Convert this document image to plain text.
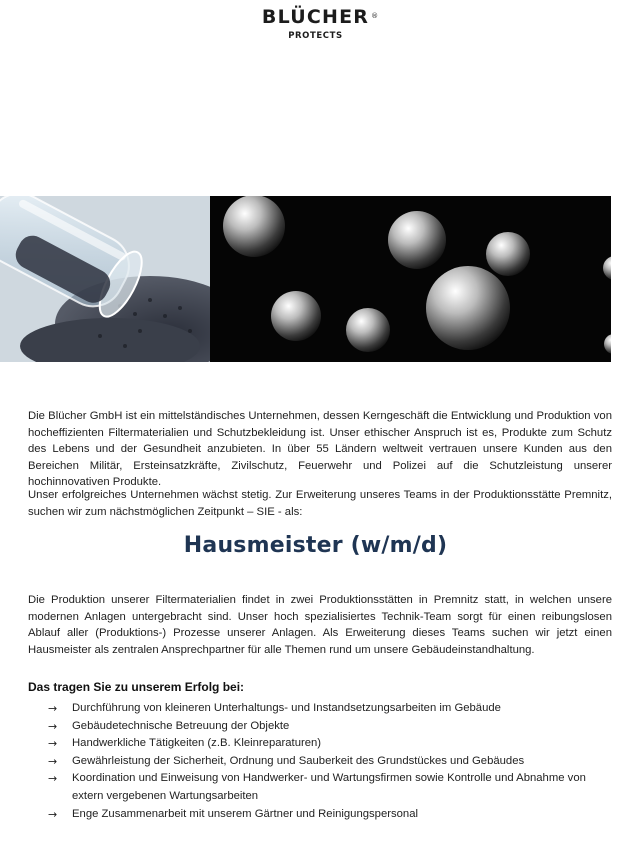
BLÜCHER ®
PROTECTS

Die Blücher GmbH ist ein mittelständisches Unternehmen, dessen Kerngeschäft die Entwicklung und Produktion von hocheffizienten Filtermaterialien und Schutzbekleidung ist. Unser ethischer Anspruch ist es, Produkte zum Schutz des Lebens und der Gesundheit anzubieten. In über 55 Ländern weltweit vertrauen unsere Kunden aus den Bereichen Militär, Ersteinsatzkräfte, Zivilschutz, Feuerwehr und Polizei auf die Schutzleistung unserer hochinnovativen Produkte.

Unser erfolgreiches Unternehmen wächst stetig. Zur Erweiterung unseres Teams in der Produktionsstätte Premnitz, suchen wir zum nächstmöglichen Zeitpunkt – SIE - als:

Hausmeister (w/m/d)

Die Produktion unserer Filtermaterialien findet in zwei Produktionsstätten in Premnitz statt, in welchen unsere modernen Anlagen untergebracht sind. Unser hoch spezialisiertes Technik-Team sorgt für einen reibungslosen Ablauf aller (Produktions-) Prozesse unserer Anlagen. Als Erweiterung dieses Teams suchen wir jetzt einen Hausmeister als zentralen Ansprechpartner für alle Themen rund um unsere Gebäudeinstandhaltung.

Das tragen Sie zu unserem Erfolg bei:
→ Durchführung von kleineren Unterhaltungs- und Instandsetzungsarbeiten im Gebäude
→ Gebäudetechnische Betreuung der Objekte
→ Handwerkliche Tätigkeiten (z.B. Kleinreparaturen)
→ Gewährleistung der Sicherheit, Ordnung und Sauberkeit des Grundstückes und Gebäudes
→ Koordination und Einweisung von Handwerker- und Wartungsfirmen sowie Kontrolle und Abnahme von extern vergebenen Wartungsarbeiten
→ Enge Zusammenarbeit mit unserem Gärtner und Reinigungspersonal
